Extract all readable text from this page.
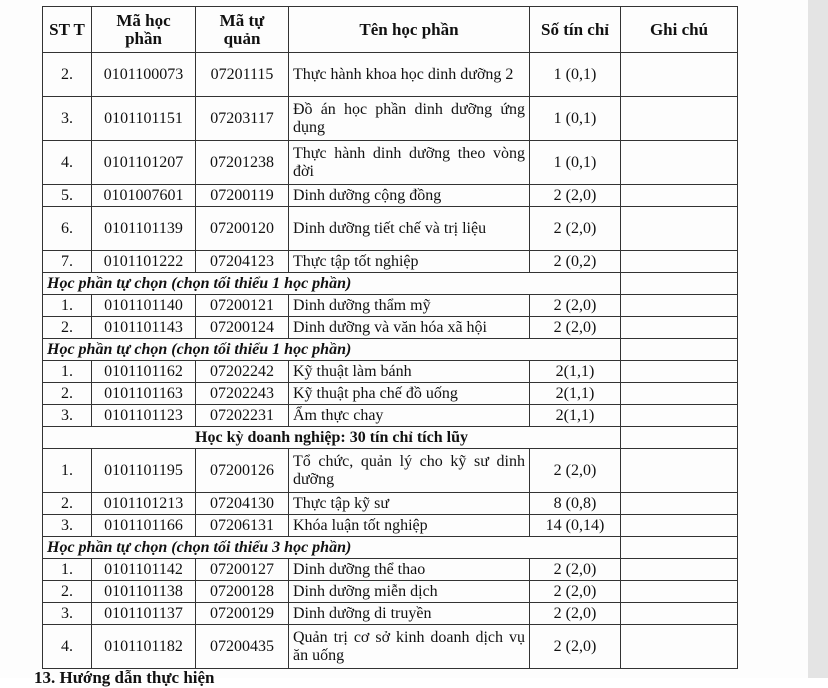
ST T	Mã học phần	Mã tự quản	Tên học phần	Số tín chỉ	Ghi chú
2.	0101100073	07201115	Thực hành khoa học dinh dưỡng 2	1 (0,1)	
3.	0101101151	07203117	Đồ án học phần dinh dưỡng ứng dụng	1 (0,1)	
4.	0101101207	07201238	Thực hành dinh dưỡng theo vòng đời	1 (0,1)	
5.	0101007601	07200119	Dinh dưỡng cộng đồng	2 (2,0)	
6.	0101101139	07200120	Dinh dưỡng tiết chế và trị liệu	2 (2,0)	
7.	0101101222	07204123	Thực tập tốt nghiệp	2 (0,2)	
Học phần tự chọn (chọn tối thiểu 1 học phần)					
1.	0101101140	07200121	Dinh dưỡng thẩm mỹ	2 (2,0)	
2.	0101101143	07200124	Dinh dưỡng và văn hóa xã hội	2 (2,0)	
Học phần tự chọn (chọn tối thiểu 1 học phần)					
1.	0101101162	07202242	Kỹ thuật làm bánh	2(1,1)	
2.	0101101163	07202243	Kỹ thuật pha chế đồ uống	2(1,1)	
3.	0101101123	07202231	Ẩm thực chay	2(1,1)	
Học kỳ doanh nghiệp: 30 tín chỉ tích lũy					
1.	0101101195	07200126	Tổ chức, quản lý cho kỹ sư dinh dưỡng	2 (2,0)	
2.	0101101213	07204130	Thực tập kỹ sư	8 (0,8)	
3.	0101101166	07206131	Khóa luận tốt nghiệp	14 (0,14)	
Học phần tự chọn (chọn tối thiểu 3 học phần)					
1.	0101101142	07200127	Dinh dưỡng thể thao	2 (2,0)	
2.	0101101138	07200128	Dinh dưỡng miễn dịch	2 (2,0)	
3.	0101101137	07200129	Dinh dưỡng di truyền	2 (2,0)	
4.	0101101182	07200435	Quản trị cơ sở kinh doanh dịch vụ ăn uống	2 (2,0)	
13. Hướng dẫn thực hiện
